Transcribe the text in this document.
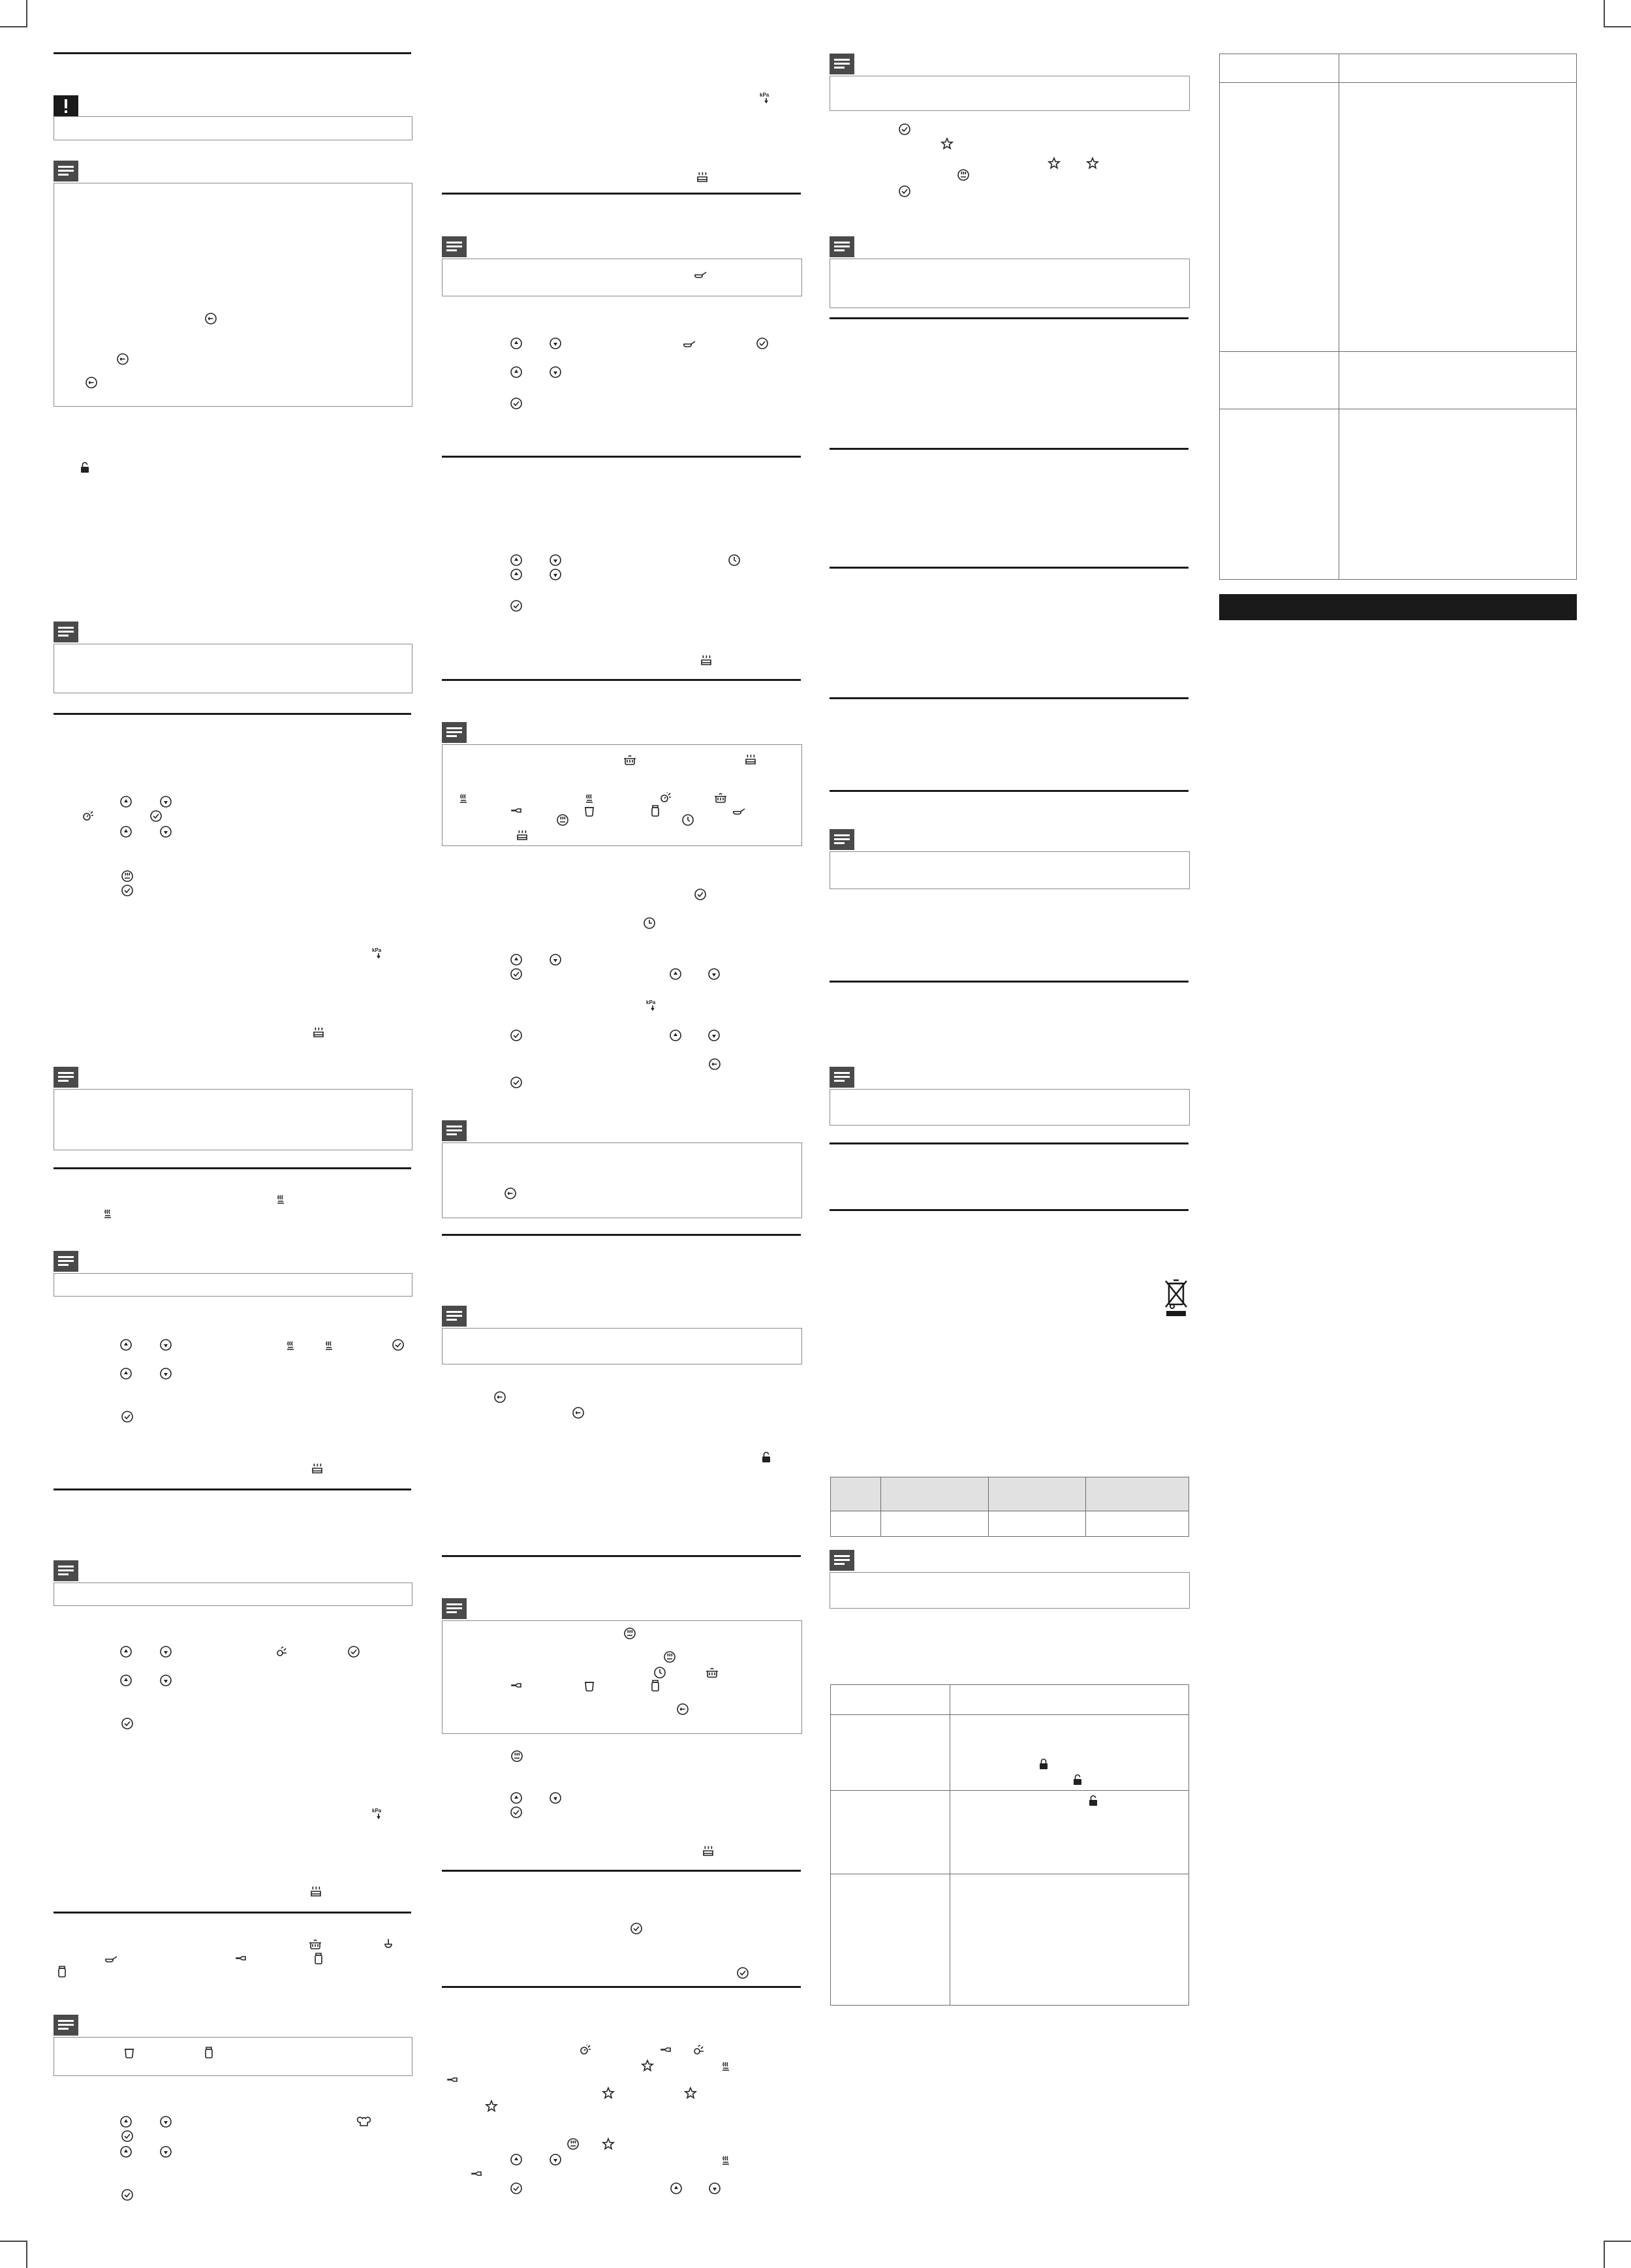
kPa
kPa
kPa
kPa
